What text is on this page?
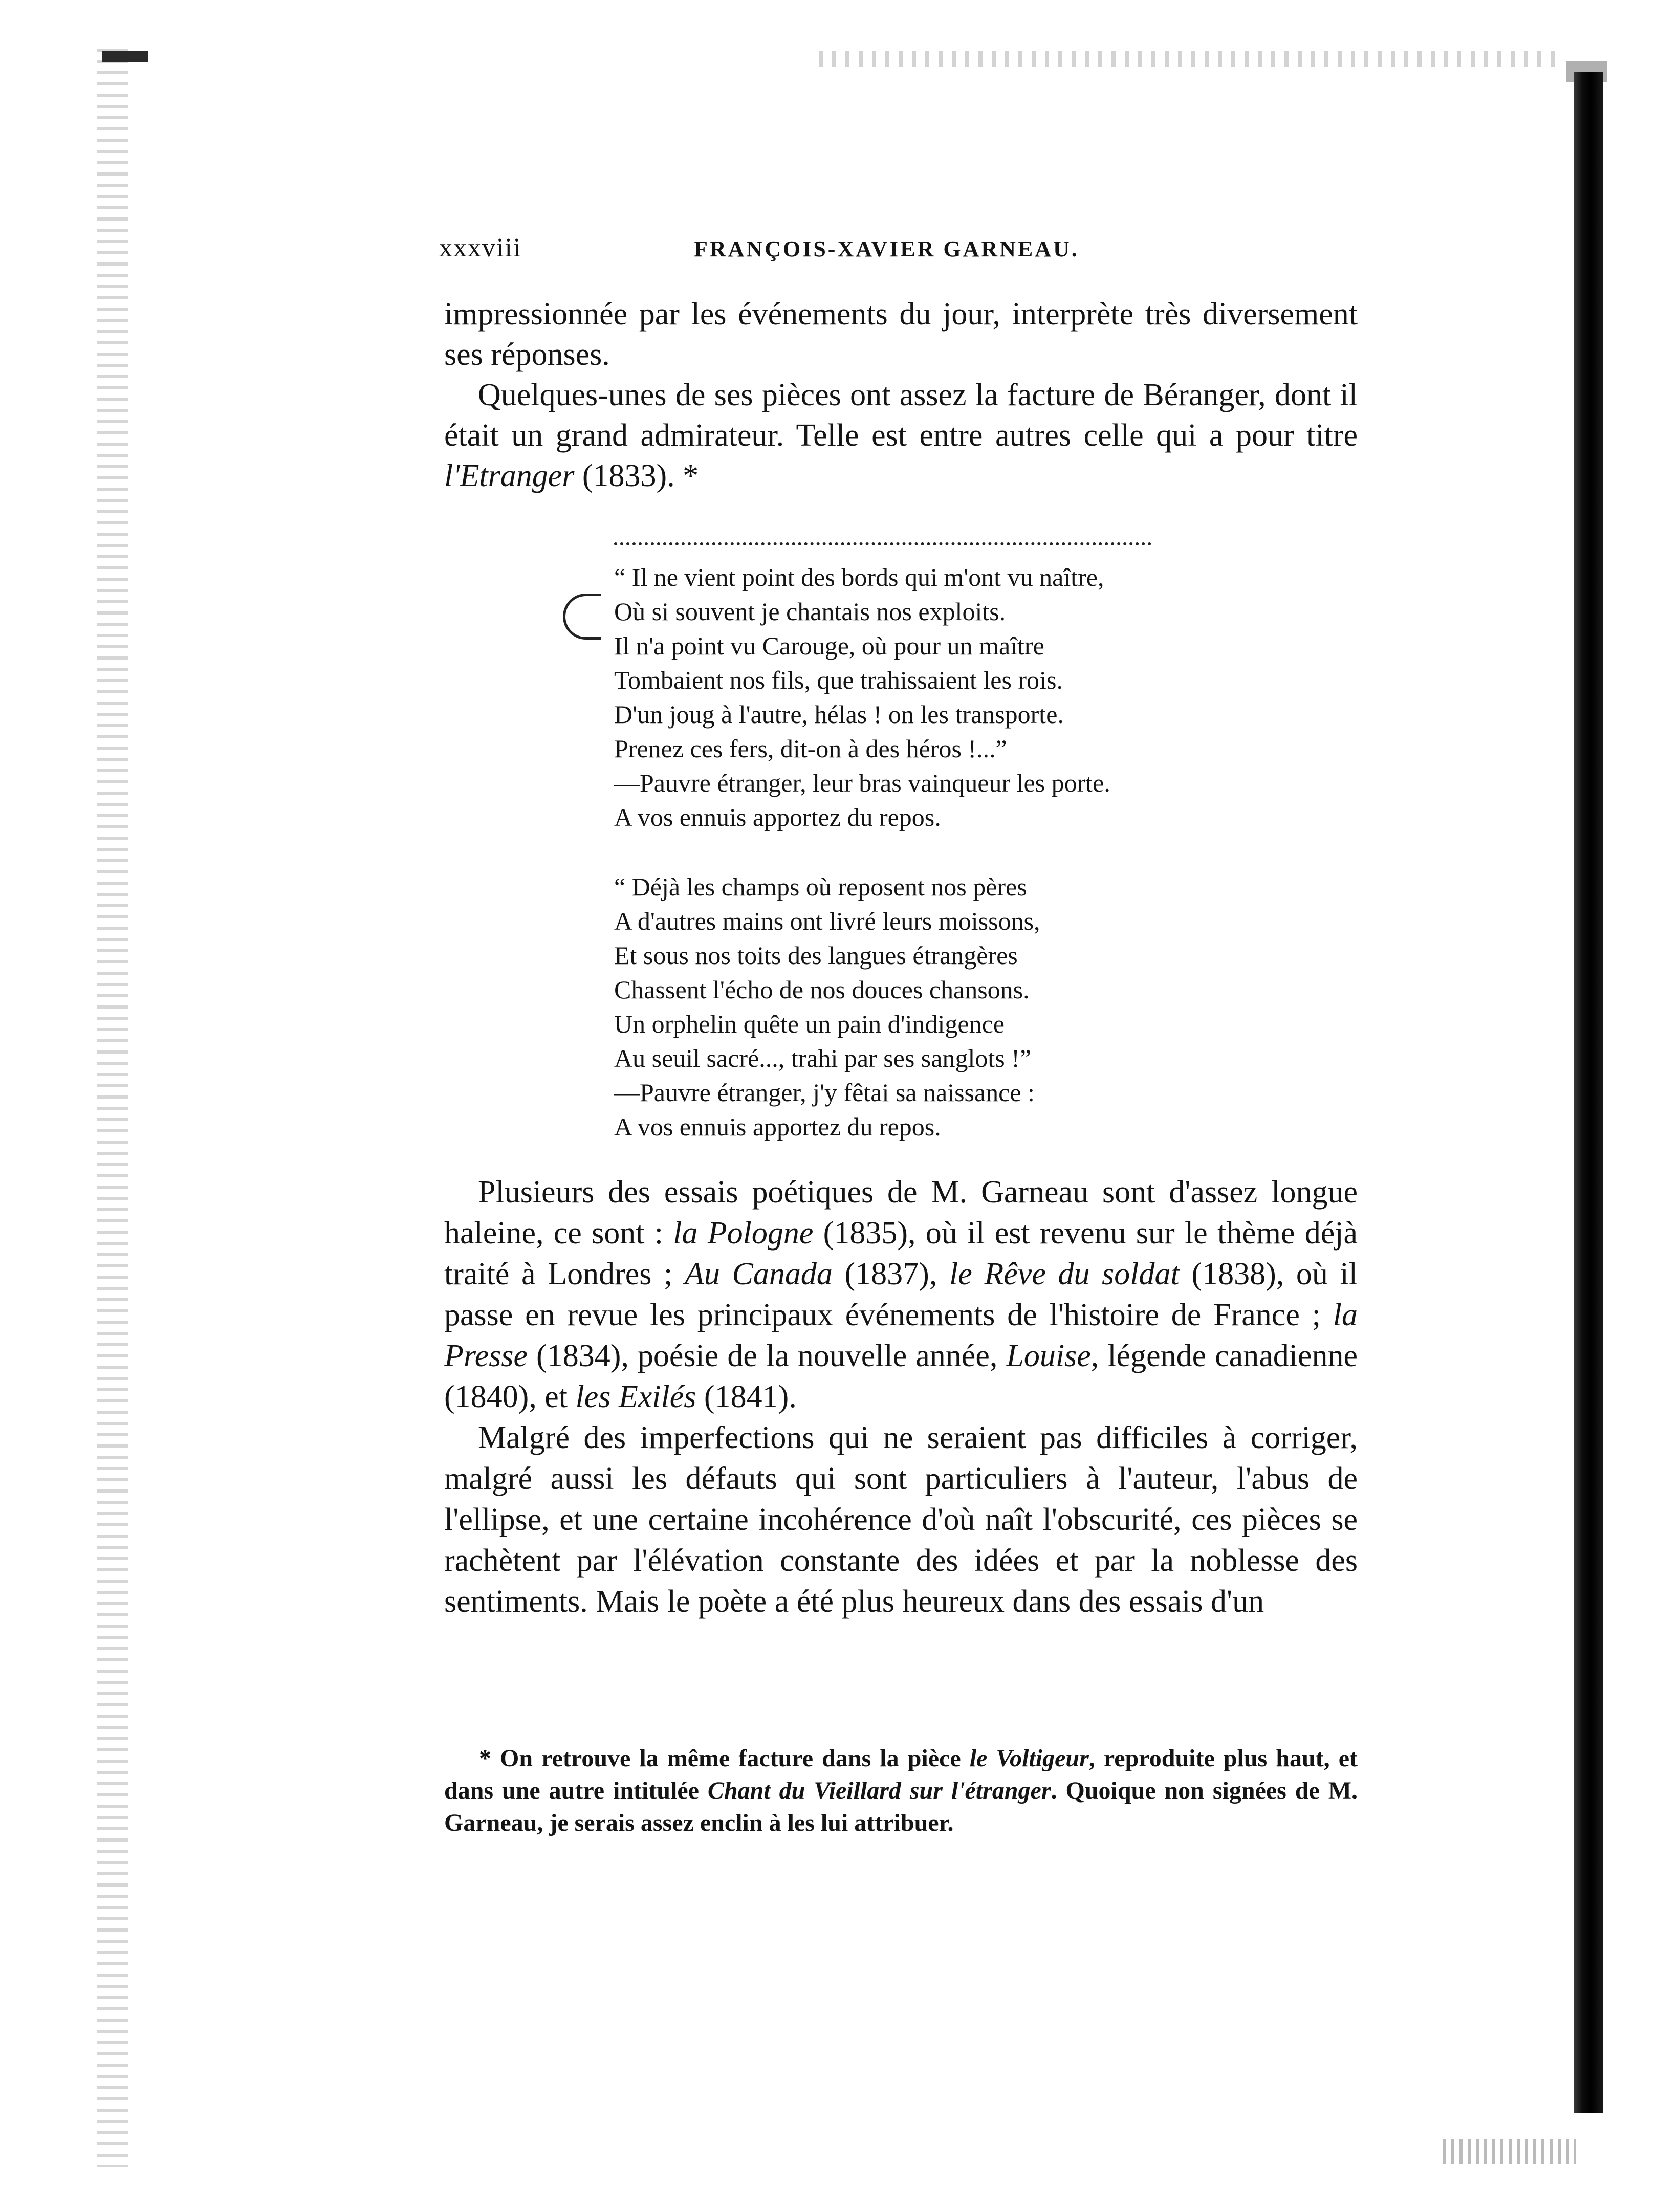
xxxviii	FRANÇOIS-XAVIER GARNEAU.

impressionnée par les événements du jour, interprète très diversement ses réponses.

Quelques-unes de ses pièces ont assez la facture de Béranger, dont il était un grand admirateur. Telle est entre autres celle qui a pour titre l'Etranger (1833). *

“ Il ne vient point des bords qui m'ont vu naître,
Où si souvent je chantais nos exploits.
Il n'a point vu Carouge, où pour un maître
Tombaient nos fils, que trahissaient les rois.
D'un joug à l'autre, hélas ! on les transporte.
Prenez ces fers, dit-on à des héros !...”
—Pauvre étranger, leur bras vainqueur les porte.
A vos ennuis apportez du repos.
“ Déjà les champs où reposent nos pères
A d'autres mains ont livré leurs moissons,
Et sous nos toits des langues étrangères
Chassent l'écho de nos douces chansons.
Un orphelin quête un pain d'indigence
Au seuil sacré..., trahi par ses sanglots !”
—Pauvre étranger, j'y fêtai sa naissance :
A vos ennuis apportez du repos.

Plusieurs des essais poétiques de M. Garneau sont d'assez longue haleine, ce sont : la Pologne (1835), où il est revenu sur le thème déjà traité à Londres ; Au Canada (1837), le Rêve du soldat (1838), où il passe en revue les principaux événements de l'histoire de France ; la Presse (1834), poésie de la nouvelle année, Louise, légende canadienne (1840), et les Exilés (1841).

Malgré des imperfections qui ne seraient pas difficiles à corriger, malgré aussi les défauts qui sont particuliers à l'auteur, l'abus de l'ellipse, et une certaine incohérence d'où naît l'obscurité, ces pièces se rachètent par l'élévation constante des idées et par la noblesse des sentiments. Mais le poète a été plus heureux dans des essais d'un

* On retrouve la même facture dans la pièce le Voltigeur, reproduite plus haut, et dans une autre intitulée Chant du Vieillard sur l'étranger. Quoique non signées de M. Garneau, je serais assez enclin à les lui attribuer.
